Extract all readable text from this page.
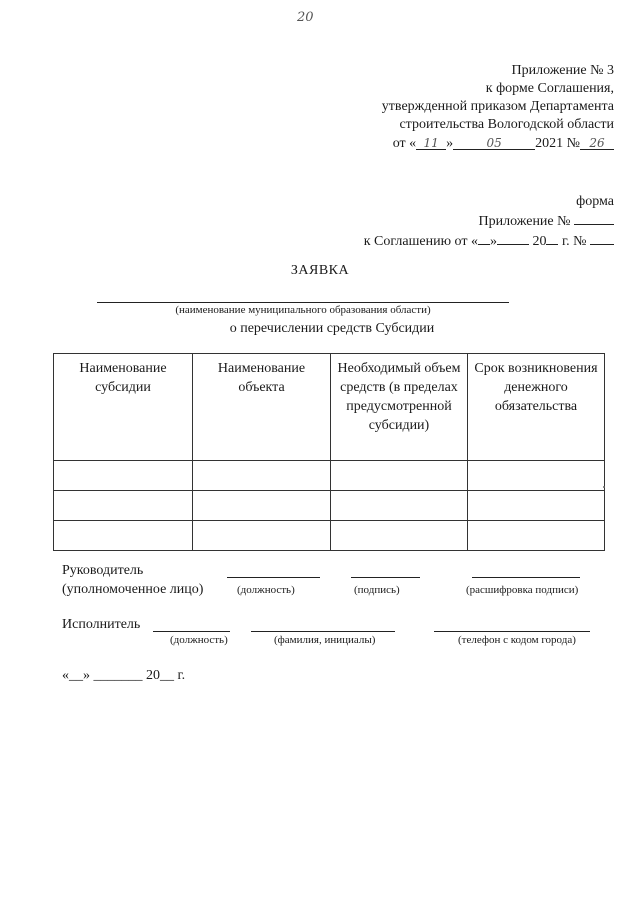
20
Приложение № 3
к форме Соглашения,
утвержденной приказом Департамента
строительства Вологодской области
от « 11 »	05 2021 № 26
форма
Приложение №
к Соглашению от « »	20 г. №
ЗАЯВКА
(наименование муниципального образования области)
о перечислении средств Субсидии
Наименование субсидии	Наименование объекта	Необходимый объем средств (в пределах предусмотренной субсидии)	Срок возникновения денежного обязательства

Руководитель
(уполномоченное лицо)	(должность)	(подпись)	(расшифровка подписи)
Исполнитель
(должность)	(фамилия, инициалы)	(телефон с кодом города)
«__» _______ 20__ г.
